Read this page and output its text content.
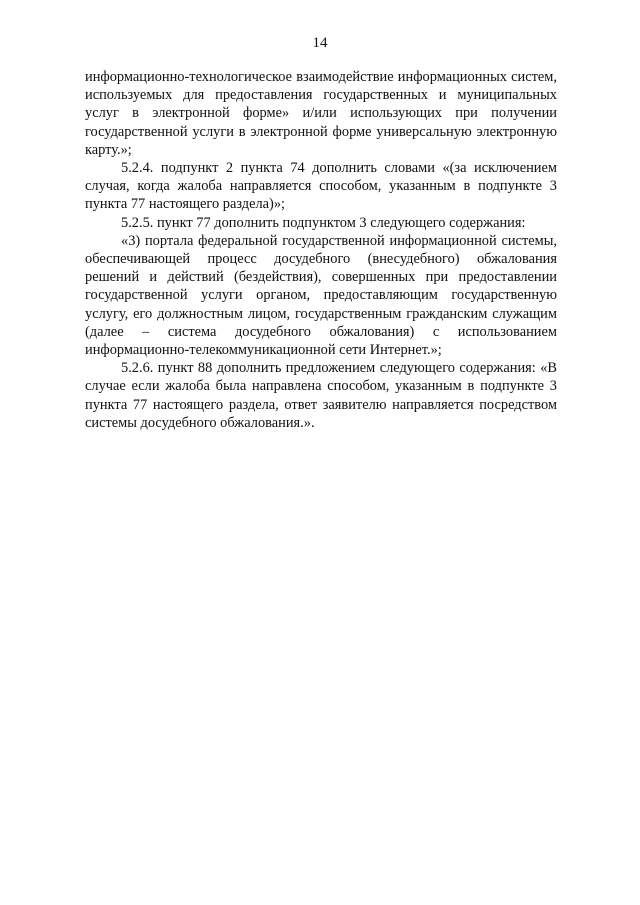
14

информационно-технологическое взаимодействие информационных систем, используемых для предоставления государственных и муниципальных услуг в электронной форме» и/или использующих при получении государственной услуги в электронной форме универсальную электронную карту.»;

5.2.4. подпункт 2 пункта 74 дополнить словами «(за исключением случая, когда жалоба направляется способом, указанным в подпункте 3 пункта 77 настоящего раздела)»;

5.2.5. пункт 77 дополнить подпунктом 3 следующего содержания:

«3) портала федеральной государственной информационной системы, обеспечивающей процесс досудебного (внесудебного) обжалования решений и действий (бездействия), совершенных при предоставлении государственной услуги органом, предоставляющим государственную услугу, его должностным лицом, государственным гражданским служащим (далее – система досудебного обжалования) с использованием информационно-телекоммуникационной сети Интернет.»;

5.2.6. пункт 88 дополнить предложением следующего содержания: «В случае если жалоба была направлена способом, указанным в подпункте 3 пункта 77 настоящего раздела, ответ заявителю направляется посредством системы досудебного обжалования.».
